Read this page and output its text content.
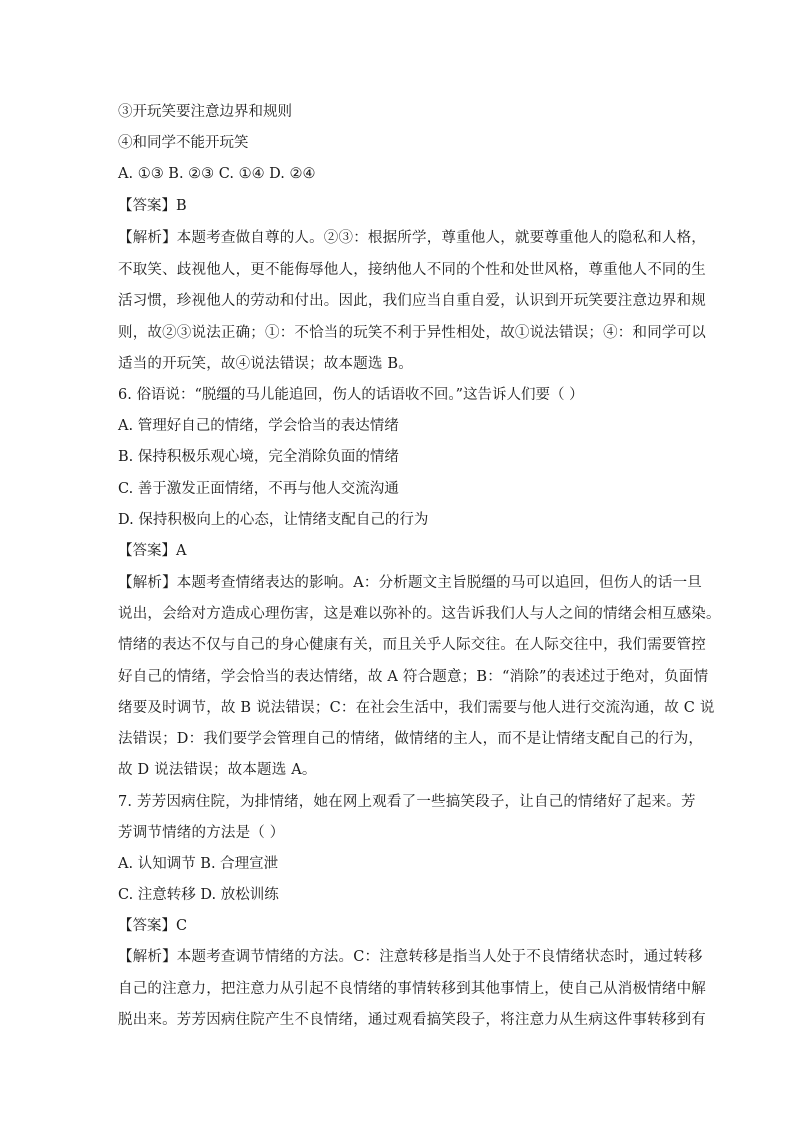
③开玩笑要注意边界和规则
④和同学不能开玩笑
A. ①③ B. ②③ C. ①④ D. ②④
【答案】B
【解析】本题考查做自尊的人。②③：根据所学，尊重他人，就要尊重他人的隐私和人格，
不取笑、歧视他人，更不能侮辱他人，接纳他人不同的个性和处世风格，尊重他人不同的生
活习惯，珍视他人的劳动和付出。因此，我们应当自重自爱，认识到开玩笑要注意边界和规
则，故②③说法正确；①：不恰当的玩笑不利于异性相处，故①说法错误；④：和同学可以
适当的开玩笑，故④说法错误；故本题选 B。
6. 俗语说：“脱缰的马儿能追回，伤人的话语收不回。”这告诉人们要（ ）
A. 管理好自己的情绪，学会恰当的表达情绪
B. 保持积极乐观心境，完全消除负面的情绪
C. 善于激发正面情绪，不再与他人交流沟通
D. 保持积极向上的心态，让情绪支配自己的行为
【答案】A
【解析】本题考查情绪表达的影响。A：分析题文主旨脱缰的马可以追回，但伤人的话一旦
说出，会给对方造成心理伤害，这是难以弥补的。这告诉我们人与人之间的情绪会相互感染。
情绪的表达不仅与自己的身心健康有关，而且关乎人际交往。在人际交往中，我们需要管控
好自己的情绪，学会恰当的表达情绪，故 A 符合题意；B：“消除”的表述过于绝对，负面情
绪要及时调节，故 B 说法错误；C：在社会生活中，我们需要与他人进行交流沟通，故 C 说
法错误；D：我们要学会管理自己的情绪，做情绪的主人，而不是让情绪支配自己的行为，
故 D 说法错误；故本题选 A。
7. 芳芳因病住院，为排情绪，她在网上观看了一些搞笑段子，让自己的情绪好了起来。芳
芳调节情绪的方法是（ ）
A. 认知调节 B. 合理宣泄
C. 注意转移 D. 放松训练
【答案】C
【解析】本题考查调节情绪的方法。C：注意转移是指当人处于不良情绪状态时，通过转移
自己的注意力，把注意力从引起不良情绪的事情转移到其他事情上，使自己从消极情绪中解
脱出来。芳芳因病住院产生不良情绪，通过观看搞笑段子，将注意力从生病这件事转移到有
